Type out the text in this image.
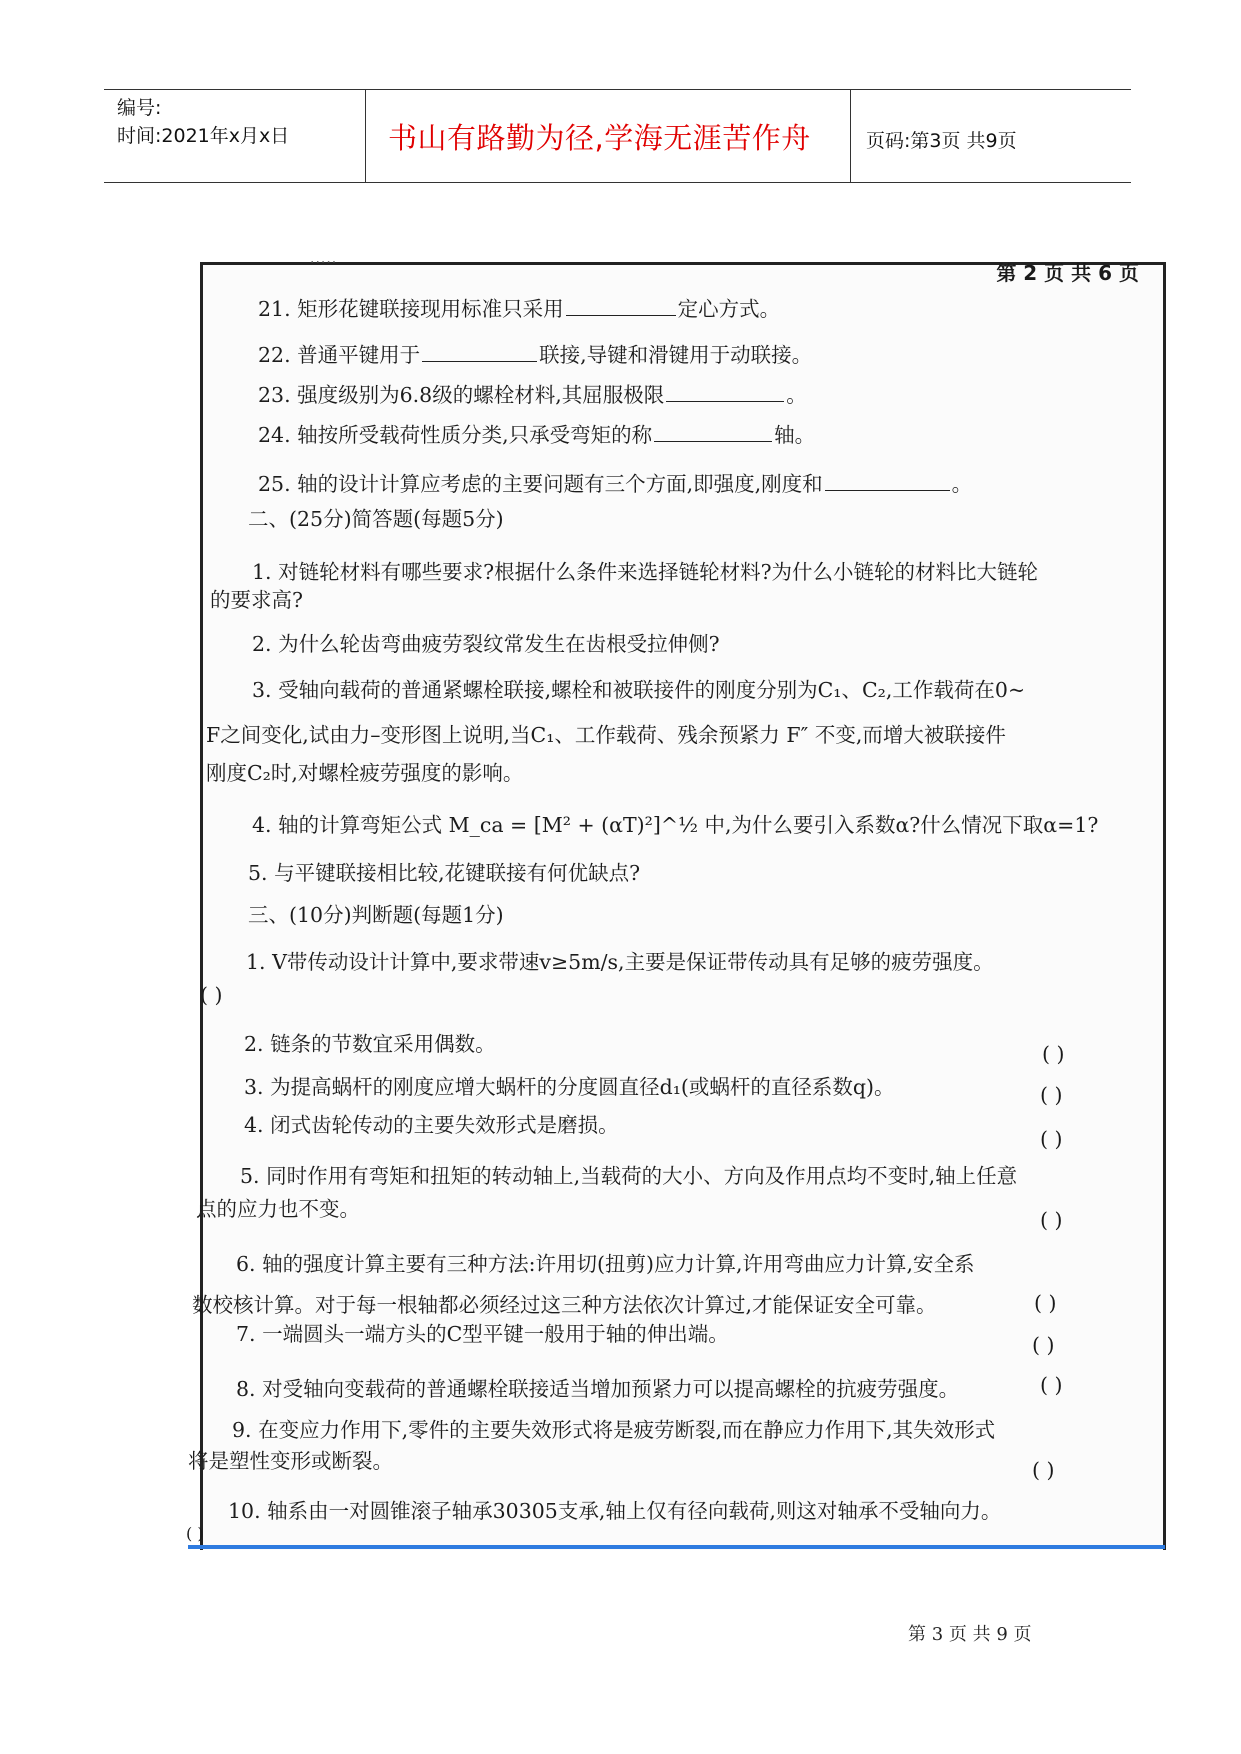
编号:
时间:2021年x月x日	书山有路勤为径,学海无涯苦作舟	页码:第3页 共9页
第 2 页 共 6 页
·····
21. 矩形花键联接现用标准只采用	定心方式。
22. 普通平键用于	联接,导键和滑键用于动联接。
23. 强度级别为6.8级的螺栓材料,其屈服极限	。
24. 轴按所受载荷性质分类,只承受弯矩的称	轴。
25. 轴的设计计算应考虑的主要问题有三个方面,即强度,刚度和	。
二、(25分)简答题(每题5分)
1. 对链轮材料有哪些要求?根据什么条件来选择链轮材料?为什么小链轮的材料比大链轮
的要求高?
2. 为什么轮齿弯曲疲劳裂纹常发生在齿根受拉伸侧?
3. 受轴向载荷的普通紧螺栓联接,螺栓和被联接件的刚度分别为C₁、C₂,工作载荷在0~
F之间变化,试由力–变形图上说明,当C₁、工作载荷、残余预紧力 F″ 不变,而增大被联接件
刚度C₂时,对螺栓疲劳强度的影响。
4. 轴的计算弯矩公式 M_ca = [M² + (αT)²]^½ 中,为什么要引入系数α?什么情况下取α=1?
5. 与平键联接相比较,花键联接有何优缺点?
三、(10分)判断题(每题1分)
1. V带传动设计计算中,要求带速v≥5m/s,主要是保证带传动具有足够的疲劳强度。
( )
2. 链条的节数宜采用偶数。	( )
3. 为提高蜗杆的刚度应增大蜗杆的分度圆直径d₁(或蜗杆的直径系数q)。	( )
4. 闭式齿轮传动的主要失效形式是磨损。
( )
5. 同时作用有弯矩和扭矩的转动轴上,当载荷的大小、方向及作用点均不变时,轴上任意
点的应力也不变。	( )
6. 轴的强度计算主要有三种方法:许用切(扭剪)应力计算,许用弯曲应力计算,安全系
数校核计算。对于每一根轴都必须经过这三种方法依次计算过,才能保证安全可靠。	( )
7. 一端圆头一端方头的C型平键一般用于轴的伸出端。	( )
8. 对受轴向变载荷的普通螺栓联接适当增加预紧力可以提高螺栓的抗疲劳强度。	( )
9. 在变应力作用下,零件的主要失效形式将是疲劳断裂,而在静应力作用下,其失效形式
将是塑性变形或断裂。	( )
10. 轴系由一对圆锥滚子轴承30305支承,轴上仅有径向载荷,则这对轴承不受轴向力。
( )
第 3 页 共 9 页
